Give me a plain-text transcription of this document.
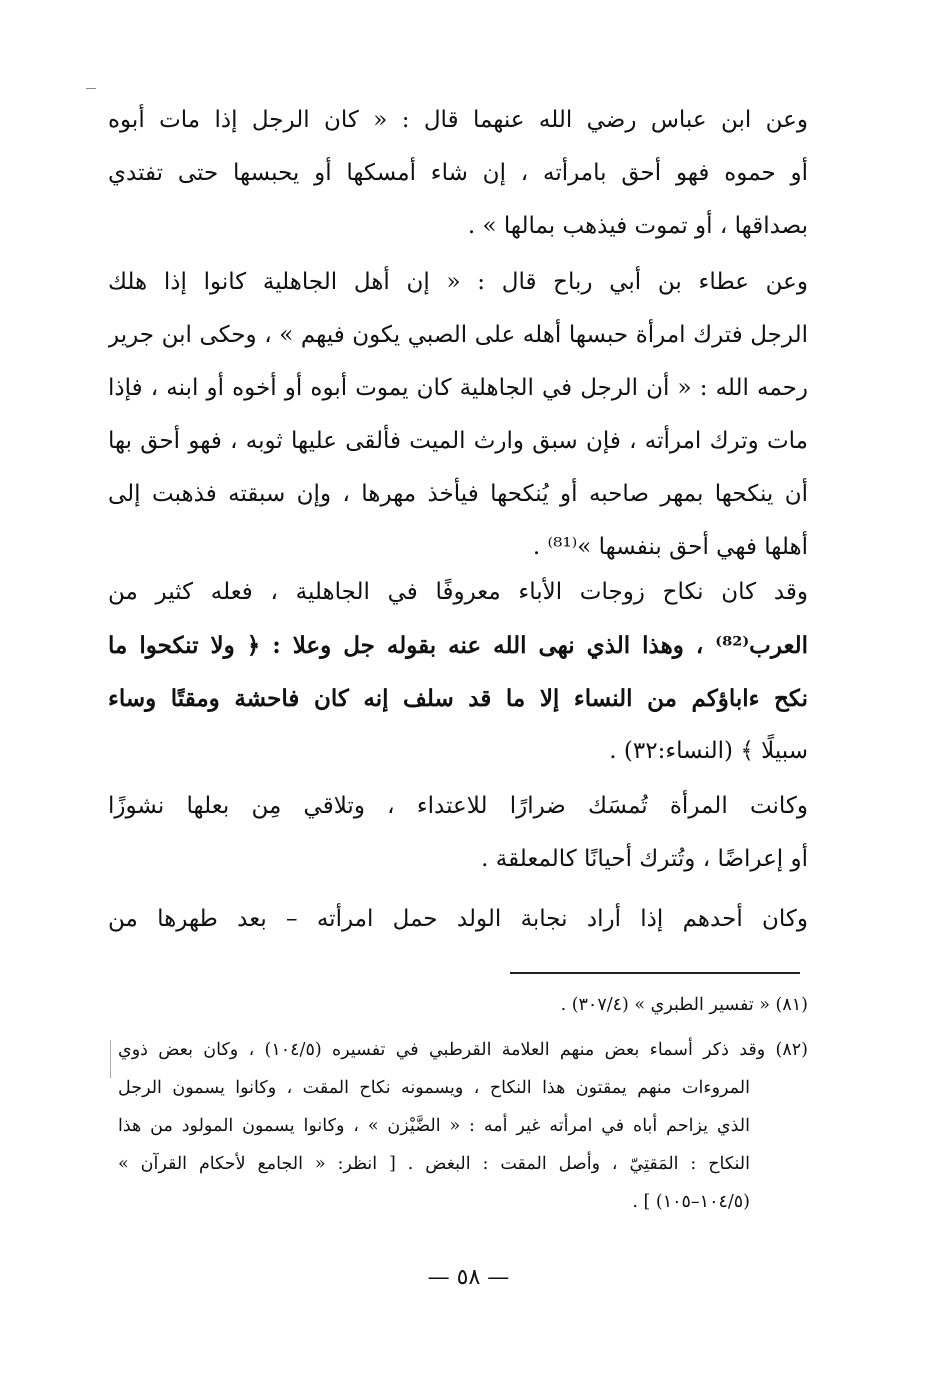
وعن ابن عباس رضي الله عنهما قال : « كان الرجل إذا مات أبوه
أو حموه فهو أحق بامرأته ، إن شاء أمسكها أو يحبسها حتى تفتدي
بصداقها ، أو تموت فيذهب بمالها » .
وعن عطاء بن أبي رباح قال : « إن أهل الجاهلية كانوا إذا هلك
الرجل فترك امرأة حبسها أهله على الصبي يكون فيهم » ، وحكى ابن جرير
رحمه الله : « أن الرجل في الجاهلية كان يموت أبوه أو أخوه أو ابنه ، فإذا
مات وترك امرأته ، فإن سبق وارث الميت فألقى عليها ثوبه ، فهو أحق بها
أن ينكحها بمهر صاحبه أو يُنكحها فيأخذ مهرها ، وإن سبقته فذهبت إلى
أهلها فهي أحق بنفسها »⁽⁸¹⁾ .
وقد كان نكاح زوجات الأباء معروفًا في الجاهلية ، فعله كثير من
العرب⁽⁸²⁾ ، وهذا الذي نهى الله عنه بقوله جل وعلا : ﴿ ولا تنكحوا ما
نكح ءاباؤكم من النساء إلا ما قد سلف إنه كان فاحشة ومقتًا وساء
سبيلًا ﴾ (النساء:٣٢) .
وكانت المرأة تُمسَك ضرارًا للاعتداء ، وتلاقي مِن بعلها نشوزًا
أو إعراضًا ، وتُترك أحيانًا كالمعلقة .
وكان أحدهم إذا أراد نجابة الولد حمل امرأته – بعد طهرها من
(٨١) « تفسير الطبري » (٣٠٧/٤) .
(٨٢) وقد ذكر أسماء بعض منهم العلامة القرطبي في تفسيره (١٠٤/٥) ، وكان بعض ذوي
المروءات منهم يمقتون هذا النكاح ، ويسمونه نكاح المقت ، وكانوا يسمون الرجل
الذي يزاحم أباه في امرأته غير أمه : « الضَّيْزن » ، وكانوا يسمون المولود من هذا
النكاح : المَقتِيّ ، وأصل المقت : البغض . [ انظر: « الجامع لأحكام القرآن »
(١٠٤/٥–١٠٥) ] .
— ٥٨ —
